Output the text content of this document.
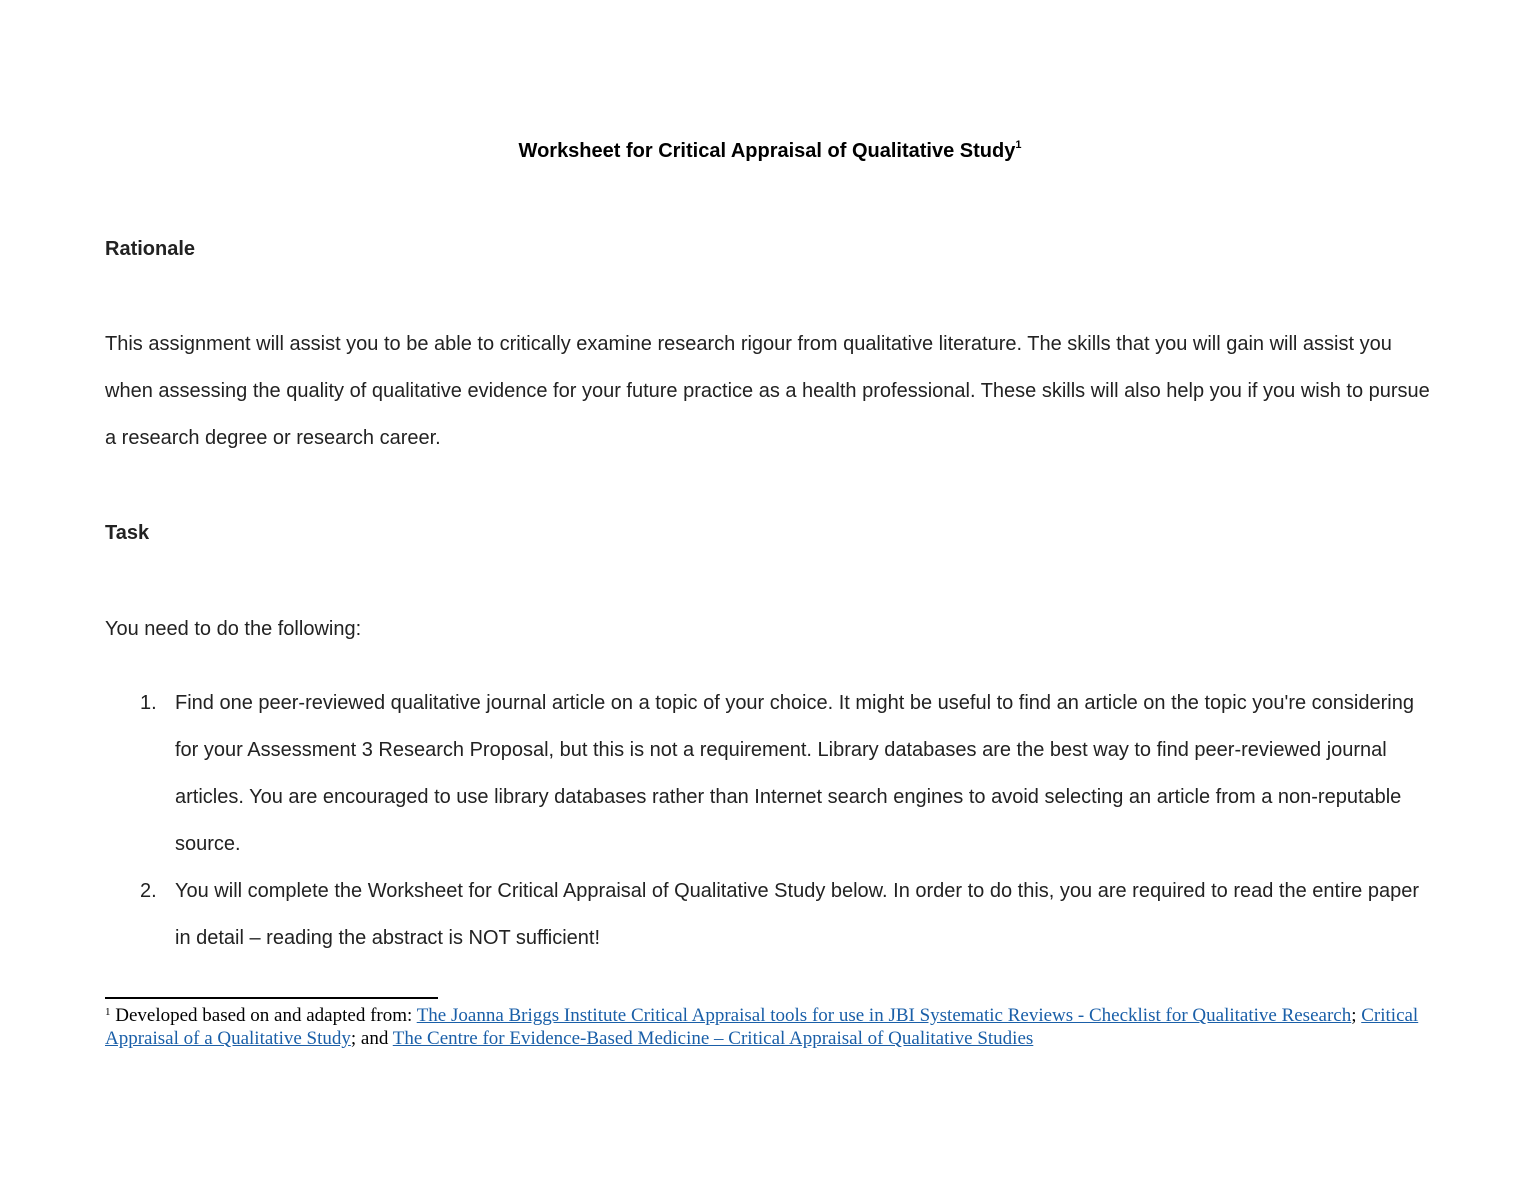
Worksheet for Critical Appraisal of Qualitative Study$^1$
Rationale

This assignment will assist you to be able to critically examine research rigour from qualitative literature. The skills that you will gain will assist you when assessing the quality of qualitative evidence for your future practice as a health professional. These skills will also help you if you wish to pursue a research degree or research career.

Task

You need to do the following:

1. Find one peer-reviewed qualitative journal article on a topic of your choice. It might be useful to find an article on the topic you're considering for your Assessment 3 Research Proposal, but this is not a requirement. Library databases are the best way to find peer-reviewed journal articles. You are encouraged to use library databases rather than Internet search engines to avoid selecting an article from a non-reputable source.
2. You will complete the Worksheet for Critical Appraisal of Qualitative Study below. In order to do this, you are required to read the entire paper in detail – reading the abstract is NOT sufficient!

$^1$ Developed based on and adapted from: The Joanna Briggs Institute Critical Appraisal tools for use in JBI Systematic Reviews - Checklist for Qualitative Research; Critical Appraisal of a Qualitative Study; and The Centre for Evidence-Based Medicine – Critical Appraisal of Qualitative Studies
